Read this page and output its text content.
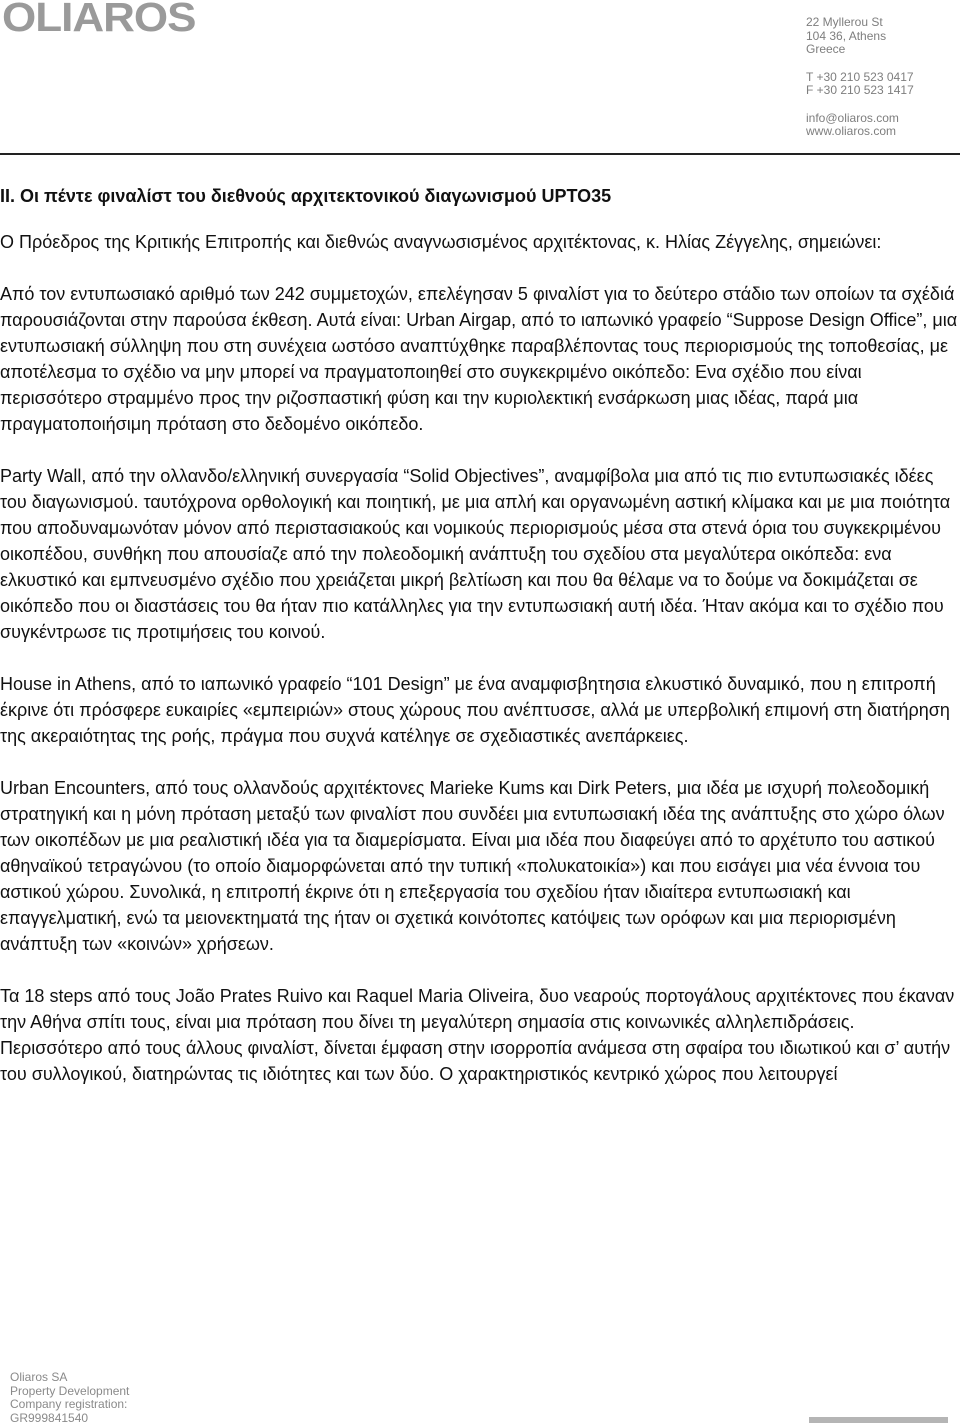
OLIAROS	22 Myllerou St
104 36, Athens
Greece
T +30 210 523 0417
F +30 210 523 1417
info@oliaros.com
www.oliaros.com
ΙΙ. Οι πέντε φιναλίστ του διεθνούς αρχιτεκτονικού διαγωνισμού UPTO35

Ο Πρόεδρος της Κριτικής Επιτροπής και διεθνώς αναγνωσισμένος αρχιτέκτονας, κ. Ηλίας Ζέγγελης, σημειώνει:

Από τον εντυπωσιακό αριθμό των 242 συμμετοχών, επελέγησαν 5 φιναλίστ για το δεύτερο στάδιο των οποίων τα σχέδιά παρουσιάζονται στην παρούσα έκθεση. Αυτά είναι: Urban Airgap, από το ιαπωνικό γραφείο “Suppose Design Office”, μια εντυπωσιακή σύλληψη που στη συνέχεια ωστόσο αναπτύχθηκε παραβλέποντας τους περιορισμούς της τοποθεσίας, με αποτέλεσμα το σχέδιο να μην μπορεί να πραγματοποιηθεί στο συγκεκριμένο οικόπεδο: Ενα σχέδιο που είναι περισσότερο στραμμένο προς την ριζοσπαστική φύση και την κυριολεκτική ενσάρκωση μιας ιδέας, παρά μια πραγματοποιήσιμη πρόταση στο δεδομένο οικόπεδο.

Party Wall, από την ολλανδο/ελληνική συνεργασία “Solid Objectives”, αναμφίβολα μια από τις πιο εντυπωσιακές ιδέες του διαγωνισμού. ταυτόχρονα ορθολογική και ποιητική, με μια απλή και οργανωμένη αστική κλίμακα και με μια ποιότητα που αποδυναμωνόταν μόνον από περιστασιακούς και νομικούς περιορισμούς μέσα στα στενά όρια του συγκεκριμένου οικοπέδου, συνθήκη που απουσίαζε από την πολεοδομική ανάπτυξη του σχεδίου στα μεγαλύτερα οικόπεδα: ενα ελκυστικό και εμπνευσμένο σχέδιο που χρειάζεται μικρή βελτίωση και που θα θέλαμε να το δούμε να δοκιμάζεται σε οικόπεδο που οι διαστάσεις του θα ήταν πιο κατάλληλες για την εντυπωσιακή αυτή ιδέα. Ήταν ακόμα και το σχέδιο που συγκέντρωσε τις προτιμήσεις του κοινού.

House in Athens, από το ιαπωνικό γραφείο “101 Design” με ένα αναμφισβητησια ελκυστικό δυναμικό, που η επιτροπή έκρινε ότι πρόσφερε ευκαιρίες «εμπειριών» στους χώρους που ανέπτυσσε, αλλά με υπερβολική επιμονή στη διατήρηση της ακεραιότητας της ροής, πράγμα που συχνά κατέληγε σε σχεδιαστικές ανεπάρκειες.

Urban Encounters, από τους ολλανδούς αρχιτέκτονες Marieke Kums και Dirk Peters, μια ιδέα με ισχυρή πολεοδομική στρατηγική και η μόνη πρόταση μεταξύ των φιναλίστ που συνδέει μια εντυπωσιακή ιδέα της ανάπτυξης στο χώρο όλων των οικοπέδων με μια ρεαλιστική ιδέα για τα διαμερίσματα. Είναι μια ιδέα που διαφεύγει από το αρχέτυπο του αστικού αθηναϊκού τετραγώνου (το οποίο διαμορφώνεται από την τυπική «πολυκατοικία») και που εισάγει μια νέα έννοια του αστικού χώρου. Συνολικά, η επιτροπή έκρινε ότι η επεξεργασία του σχεδίου ήταν ιδιαίτερα εντυπωσιακή και επαγγελματική, ενώ τα μειονεκτηματά της ήταν οι σχετικά κοινότοπες κατόψεις των ορόφων και μια περιορισμένη ανάπτυξη των «κοινών» χρήσεων.

Τα 18 steps από τους João Prates Ruivo και Raquel Maria Oliveira, δυο νεαρούς πορτογάλους αρχιτέκτονες που έκαναν την Αθήνα σπίτι τους, είναι μια πρόταση που δίνει τη μεγαλύτερη σημασία στις κοινωνικές αλληλεπιδράσεις. Περισσότερο από τους άλλους φιναλίστ, δίνεται έμφαση στην ισορροπία ανάμεσα στη σφαίρα του ιδιωτικού και σ’ αυτήν του συλλογικού, διατηρώντας τις ιδιότητες και των δύο. Ο χαρακτηριστικός κεντρικό χώρος που λειτουργεί

Oliaros SA
Property Development
Company registration:
GR999841540
